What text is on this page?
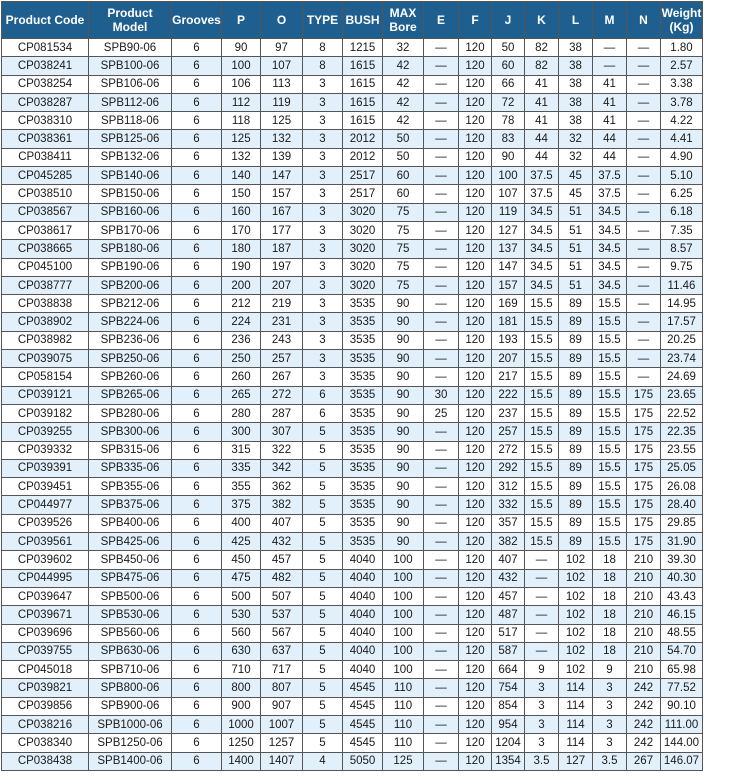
Product Code	Product Model	Grooves	P	O	TYPE	BUSH	MAX Bore	E	F	J	K	L	M	N	Weight (Kg)
CP081534	SPB90-06	6	90	97	8	1215	32	—	120	50	82	38	—	—	1.80
CP038241	SPB100-06	6	100	107	8	1615	42	—	120	60	82	38	—	—	2.57
CP038254	SPB106-06	6	106	113	3	1615	42	—	120	66	41	38	41	—	3.38
CP038287	SPB112-06	6	112	119	3	1615	42	—	120	72	41	38	41	—	3.78
CP038310	SPB118-06	6	118	125	3	1615	42	—	120	78	41	38	41	—	4.22
CP038361	SPB125-06	6	125	132	3	2012	50	—	120	83	44	32	44	—	4.41
CP038411	SPB132-06	6	132	139	3	2012	50	—	120	90	44	32	44	—	4.90
CP045285	SPB140-06	6	140	147	3	2517	60	—	120	100	37.5	45	37.5	—	5.10
CP038510	SPB150-06	6	150	157	3	2517	60	—	120	107	37.5	45	37.5	—	6.25
CP038567	SPB160-06	6	160	167	3	3020	75	—	120	119	34.5	51	34.5	—	6.18
CP038617	SPB170-06	6	170	177	3	3020	75	—	120	127	34.5	51	34.5	—	7.35
CP038665	SPB180-06	6	180	187	3	3020	75	—	120	137	34.5	51	34.5	—	8.57
CP045100	SPB190-06	6	190	197	3	3020	75	—	120	147	34.5	51	34.5	—	9.75
CP038777	SPB200-06	6	200	207	3	3020	75	—	120	157	34.5	51	34.5	—	11.46
CP038838	SPB212-06	6	212	219	3	3535	90	—	120	169	15.5	89	15.5	—	14.95
CP038902	SPB224-06	6	224	231	3	3535	90	—	120	181	15.5	89	15.5	—	17.57
CP038982	SPB236-06	6	236	243	3	3535	90	—	120	193	15.5	89	15.5	—	20.25
CP039075	SPB250-06	6	250	257	3	3535	90	—	120	207	15.5	89	15.5	—	23.74
CP058154	SPB260-06	6	260	267	3	3535	90	—	120	217	15.5	89	15.5	—	24.69
CP039121	SPB265-06	6	265	272	6	3535	90	30	120	222	15.5	89	15.5	175	23.65
CP039182	SPB280-06	6	280	287	6	3535	90	25	120	237	15.5	89	15.5	175	22.52
CP039255	SPB300-06	6	300	307	5	3535	90	—	120	257	15.5	89	15.5	175	22.35
CP039332	SPB315-06	6	315	322	5	3535	90	—	120	272	15.5	89	15.5	175	23.55
CP039391	SPB335-06	6	335	342	5	3535	90	—	120	292	15.5	89	15.5	175	25.05
CP039451	SPB355-06	6	355	362	5	3535	90	—	120	312	15.5	89	15.5	175	26.08
CP044977	SPB375-06	6	375	382	5	3535	90	—	120	332	15.5	89	15.5	175	28.40
CP039526	SPB400-06	6	400	407	5	3535	90	—	120	357	15.5	89	15.5	175	29.85
CP039561	SPB425-06	6	425	432	5	3535	90	—	120	382	15.5	89	15.5	175	31.90
CP039602	SPB450-06	6	450	457	5	4040	100	—	120	407	—	102	18	210	39.30
CP044995	SPB475-06	6	475	482	5	4040	100	—	120	432	—	102	18	210	40.30
CP039647	SPB500-06	6	500	507	5	4040	100	—	120	457	—	102	18	210	43.43
CP039671	SPB530-06	6	530	537	5	4040	100	—	120	487	—	102	18	210	46.15
CP039696	SPB560-06	6	560	567	5	4040	100	—	120	517	—	102	18	210	48.55
CP039755	SPB630-06	6	630	637	5	4040	100	—	120	587	—	102	18	210	54.70
CP045018	SPB710-06	6	710	717	5	4040	100	—	120	664	9	102	9	210	65.98
CP039821	SPB800-06	6	800	807	5	4545	110	—	120	754	3	114	3	242	77.52
CP039856	SPB900-06	6	900	907	5	4545	110	—	120	854	3	114	3	242	90.10
CP038216	SPB1000-06	6	1000	1007	5	4545	110	—	120	954	3	114	3	242	111.00
CP038340	SPB1250-06	6	1250	1257	5	4545	110	—	120	1204	3	114	3	242	144.00
CP038438	SPB1400-06	6	1400	1407	4	5050	125	—	120	1354	3.5	127	3.5	267	146.07
